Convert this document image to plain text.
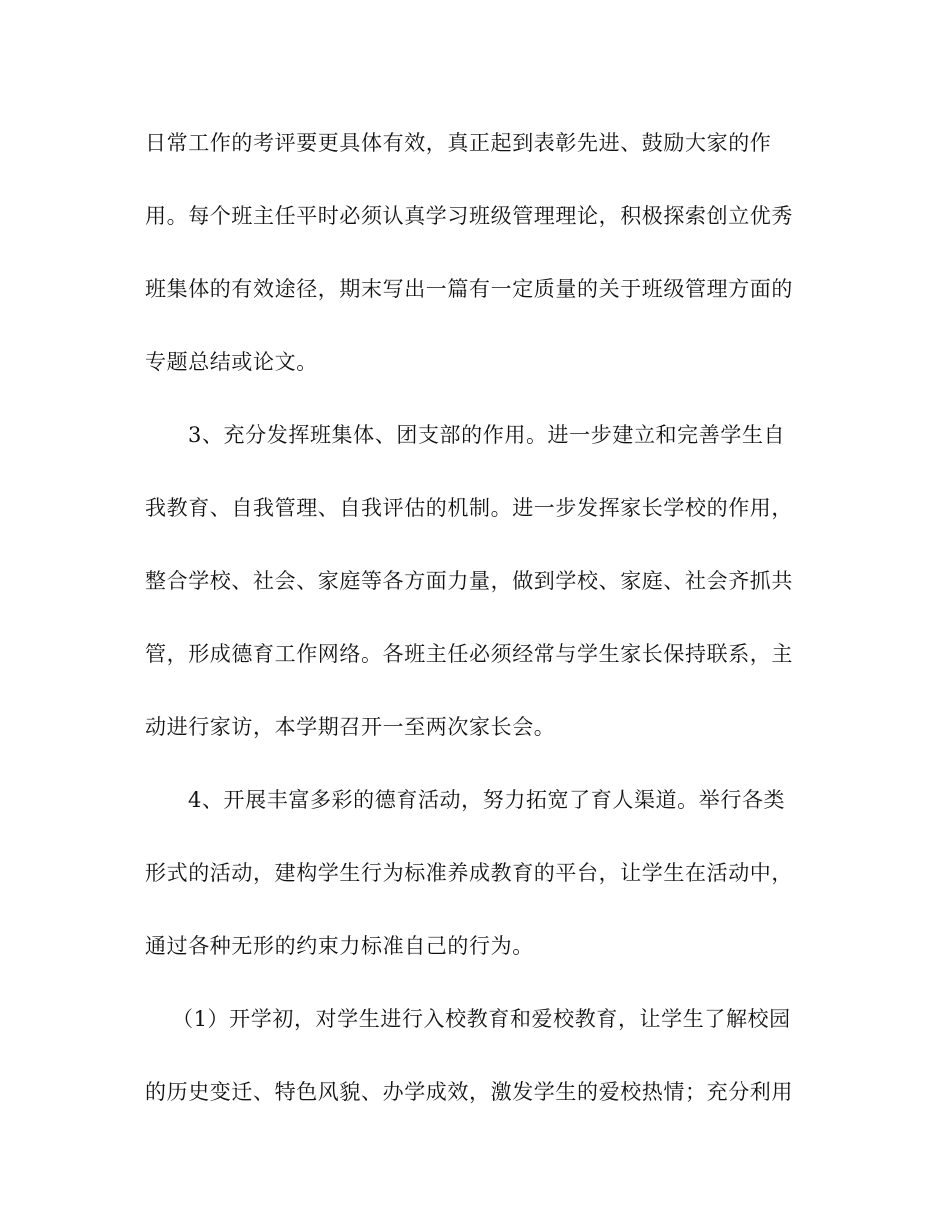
日常工作的考评要更具体有效，真正起到表彰先进、鼓励大家的作
用。每个班主任平时必须认真学习班级管理理论，积极探索创立优秀
班集体的有效途径，期末写出一篇有一定质量的关于班级管理方面的
专题总结或论文。
3、充分发挥班集体、团支部的作用。进一步建立和完善学生自
我教育、自我管理、自我评估的机制。进一步发挥家长学校的作用，
整合学校、社会、家庭等各方面力量，做到学校、家庭、社会齐抓共
管，形成德育工作网络。各班主任必须经常与学生家长保持联系，主
动进行家访，本学期召开一至两次家长会。
4、开展丰富多彩的德育活动，努力拓宽了育人渠道。举行各类
形式的活动，建构学生行为标准养成教育的平台，让学生在活动中，
通过各种无形的约束力标准自己的行为。
（1）开学初，对学生进行入校教育和爱校教育，让学生了解校园
的历史变迁、特色风貌、办学成效，激发学生的爱校热情；充分利用
